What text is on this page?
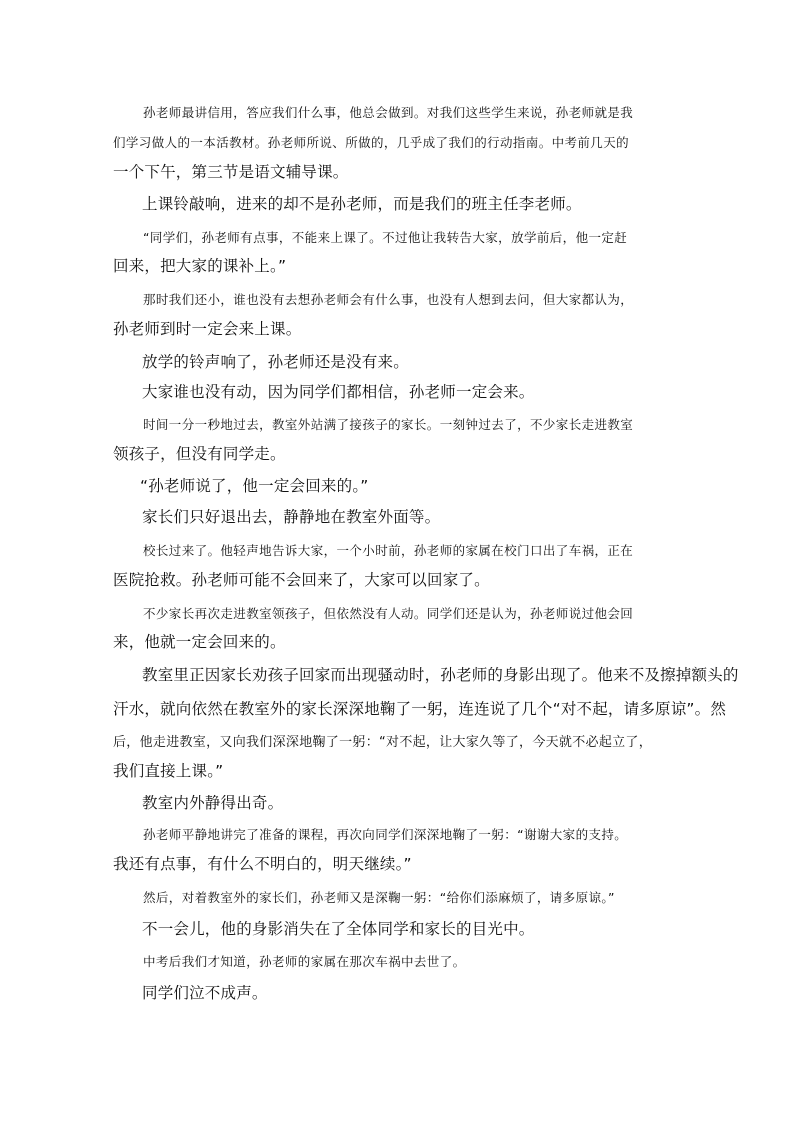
孙老师最讲信用，答应我们什么事，他总会做到。对我们这些学生来说，孙老师就是我
们学习做人的一本活教材。孙老师所说、所做的，几乎成了我们的行动指南。中考前几天的
一个下午，第三节是语文辅导课。
上课铃敲响，进来的却不是孙老师，而是我们的班主任李老师。
“同学们，孙老师有点事，不能来上课了。不过他让我转告大家，放学前后，他一定赶
回来，把大家的课补上。”
那时我们还小，谁也没有去想孙老师会有什么事，也没有人想到去问，但大家都认为，
孙老师到时一定会来上课。
放学的铃声响了，孙老师还是没有来。
大家谁也没有动，因为同学们都相信，孙老师一定会来。
时间一分一秒地过去，教室外站满了接孩子的家长。一刻钟过去了，不少家长走进教室
领孩子，但没有同学走。
“孙老师说了，他一定会回来的。”
家长们只好退出去，静静地在教室外面等。
校长过来了。他轻声地告诉大家，一个小时前，孙老师的家属在校门口出了车祸，正在
医院抢救。孙老师可能不会回来了，大家可以回家了。
不少家长再次走进教室领孩子，但依然没有人动。同学们还是认为，孙老师说过他会回
来，他就一定会回来的。
教室里正因家长劝孩子回家而出现骚动时，孙老师的身影出现了。他来不及擦掉额头的
汗水，就向依然在教室外的家长深深地鞠了一躬，连连说了几个“对不起，请多原谅”。然
后，他走进教室，又向我们深深地鞠了一躬：“对不起，让大家久等了，今天就不必起立了，
我们直接上课。”
教室内外静得出奇。
孙老师平静地讲完了准备的课程，再次向同学们深深地鞠了一躬：“谢谢大家的支持。
我还有点事，有什么不明白的，明天继续。”
然后，对着教室外的家长们，孙老师又是深鞠一躬：“给你们添麻烦了，请多原谅。”
不一会儿，他的身影消失在了全体同学和家长的目光中。
中考后我们才知道，孙老师的家属在那次车祸中去世了。
同学们泣不成声。
